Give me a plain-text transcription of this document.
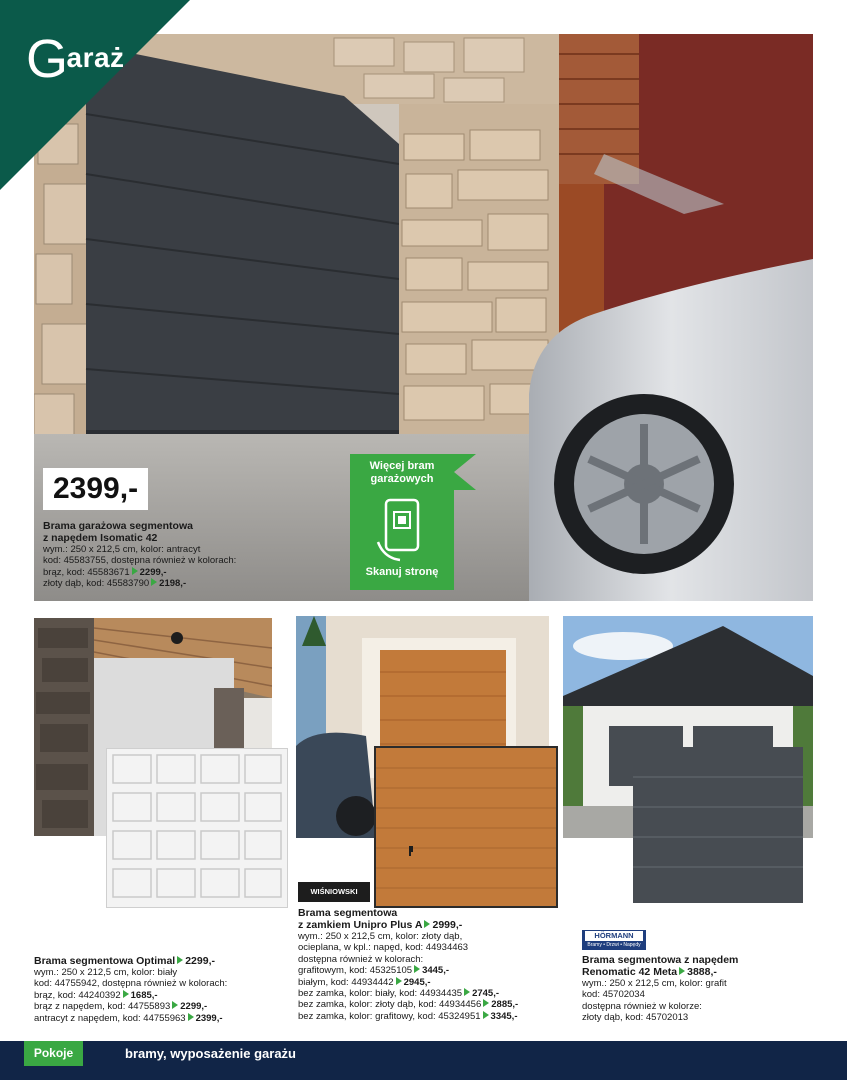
Garaż
2399,-
Brama garażowa segmentowa
z napędem Isomatic 42
wym.: 250 x 212,5 cm, kolor: antracyt
kod: 45583755, dostępna również w kolorach:
brąz, kod: 45583671 2299,-
złoty dąb, kod: 45583790 2198,-
Więcej bram garażowych
Skanuj stronę
Brama segmentowa Optimal 2299,-
wym.: 250 x 212,5 cm, kolor: biały
kod: 44755942, dostępna również w kolorach:
brąz, kod: 44240392 1685,-
brąz z napędem, kod: 44755893 2299,-
antracyt z napędem, kod: 44755963 2399,-
WIŚNIOWSKI
Brama segmentowa
z zamkiem Unipro Plus A 2999,-
wym.: 250 x 212,5 cm, kolor: złoty dąb,
ocieplana, w kpl.: napęd, kod: 44934463
dostępna również w kolorach:
grafitowym, kod: 45325105 3445,-
białym, kod: 44934442 2945,-
bez zamka, kolor: biały, kod: 44934435 2745,-
bez zamka, kolor: złoty dąb, kod: 44934456 2885,-
bez zamka, kolor: grafitowy, kod: 45324951 3345,-
HÖRMANN
Bramy • Drzwi • Napędy
Brama segmentowa z napędem
Renomatic 42 Meta 3888,-
wym.: 250 x 212,5 cm, kolor: grafit
kod: 45702034
dostępna również w kolorze:
złoty dąb, kod: 45702013
Pokoje	bramy, wyposażenie garażu
